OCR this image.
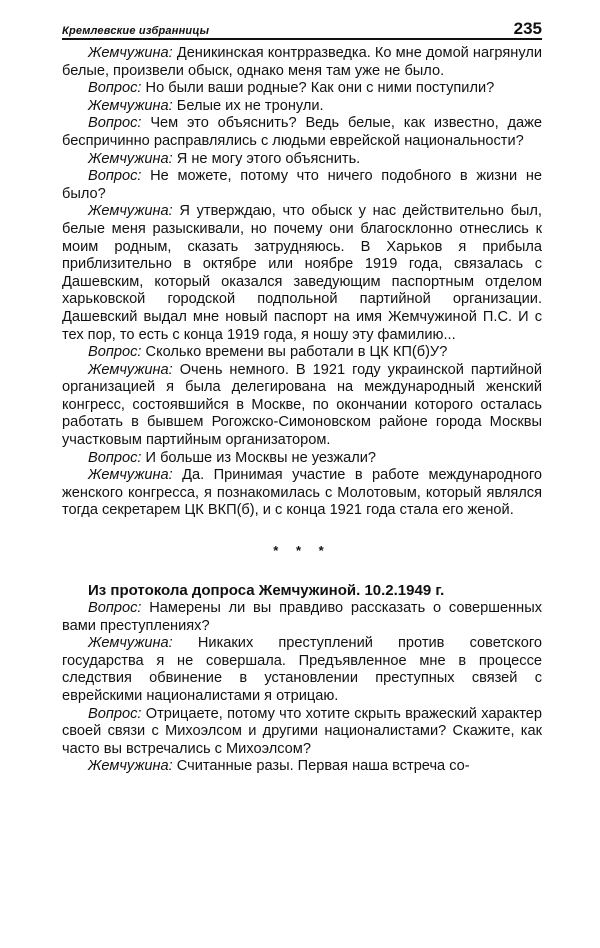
Кремлевские избранницы	235

Жемчужина: Деникинская контрразведка. Ко мне домой нагрянули белые, произвели обыск, однако меня там уже не было.

Вопрос: Но были ваши родные? Как они с ними поступили?

Жемчужина: Белые их не тронули.

Вопрос: Чем это объяснить? Ведь белые, как известно, даже беспричинно расправлялись с людьми еврейской национальности?

Жемчужина: Я не могу этого объяснить.

Вопрос: Не можете, потому что ничего подобного в жизни не было?

Жемчужина: Я утверждаю, что обыск у нас действительно был, белые меня разыскивали, но почему они благосклонно отнеслись к моим родным, сказать затрудняюсь. В Харьков я прибыла приблизительно в октябре или ноябре 1919 года, связалась с Дашевским, который оказался заведующим паспортным отделом харьковской городской подпольной партийной организации. Дашевский выдал мне новый паспорт на имя Жемчужиной П.С. И с тех пор, то есть с конца 1919 года, я ношу эту фамилию...

Вопрос: Сколько времени вы работали в ЦК КП(б)У?

Жемчужина: Очень немного. В 1921 году украинской партийной организацией я была делегирована на международный женский конгресс, состоявшийся в Москве, по окончании которого осталась работать в бывшем Рогожско-Симоновском районе города Москвы участковым партийным организатором.

Вопрос: И больше из Москвы не уезжали?

Жемчужина: Да. Принимая участие в работе международного женского конгресса, я познакомилась с Молотовым, который являлся тогда секретарем ЦК ВКП(б), и с конца 1921 года стала его женой.

* * *

Из протокола допроса Жемчужиной. 10.2.1949 г.

Вопрос: Намерены ли вы правдиво рассказать о совершенных вами преступлениях?

Жемчужина: Никаких преступлений против советского государства я не совершала. Предъявленное мне в процессе следствия обвинение в установлении преступных связей с еврейскими националистами я отрицаю.

Вопрос: Отрицаете, потому что хотите скрыть вражеский характер своей связи с Михоэлсом и другими националистами? Скажите, как часто вы встречались с Михоэлсом?

Жемчужина: Считанные разы. Первая наша встреча со-
